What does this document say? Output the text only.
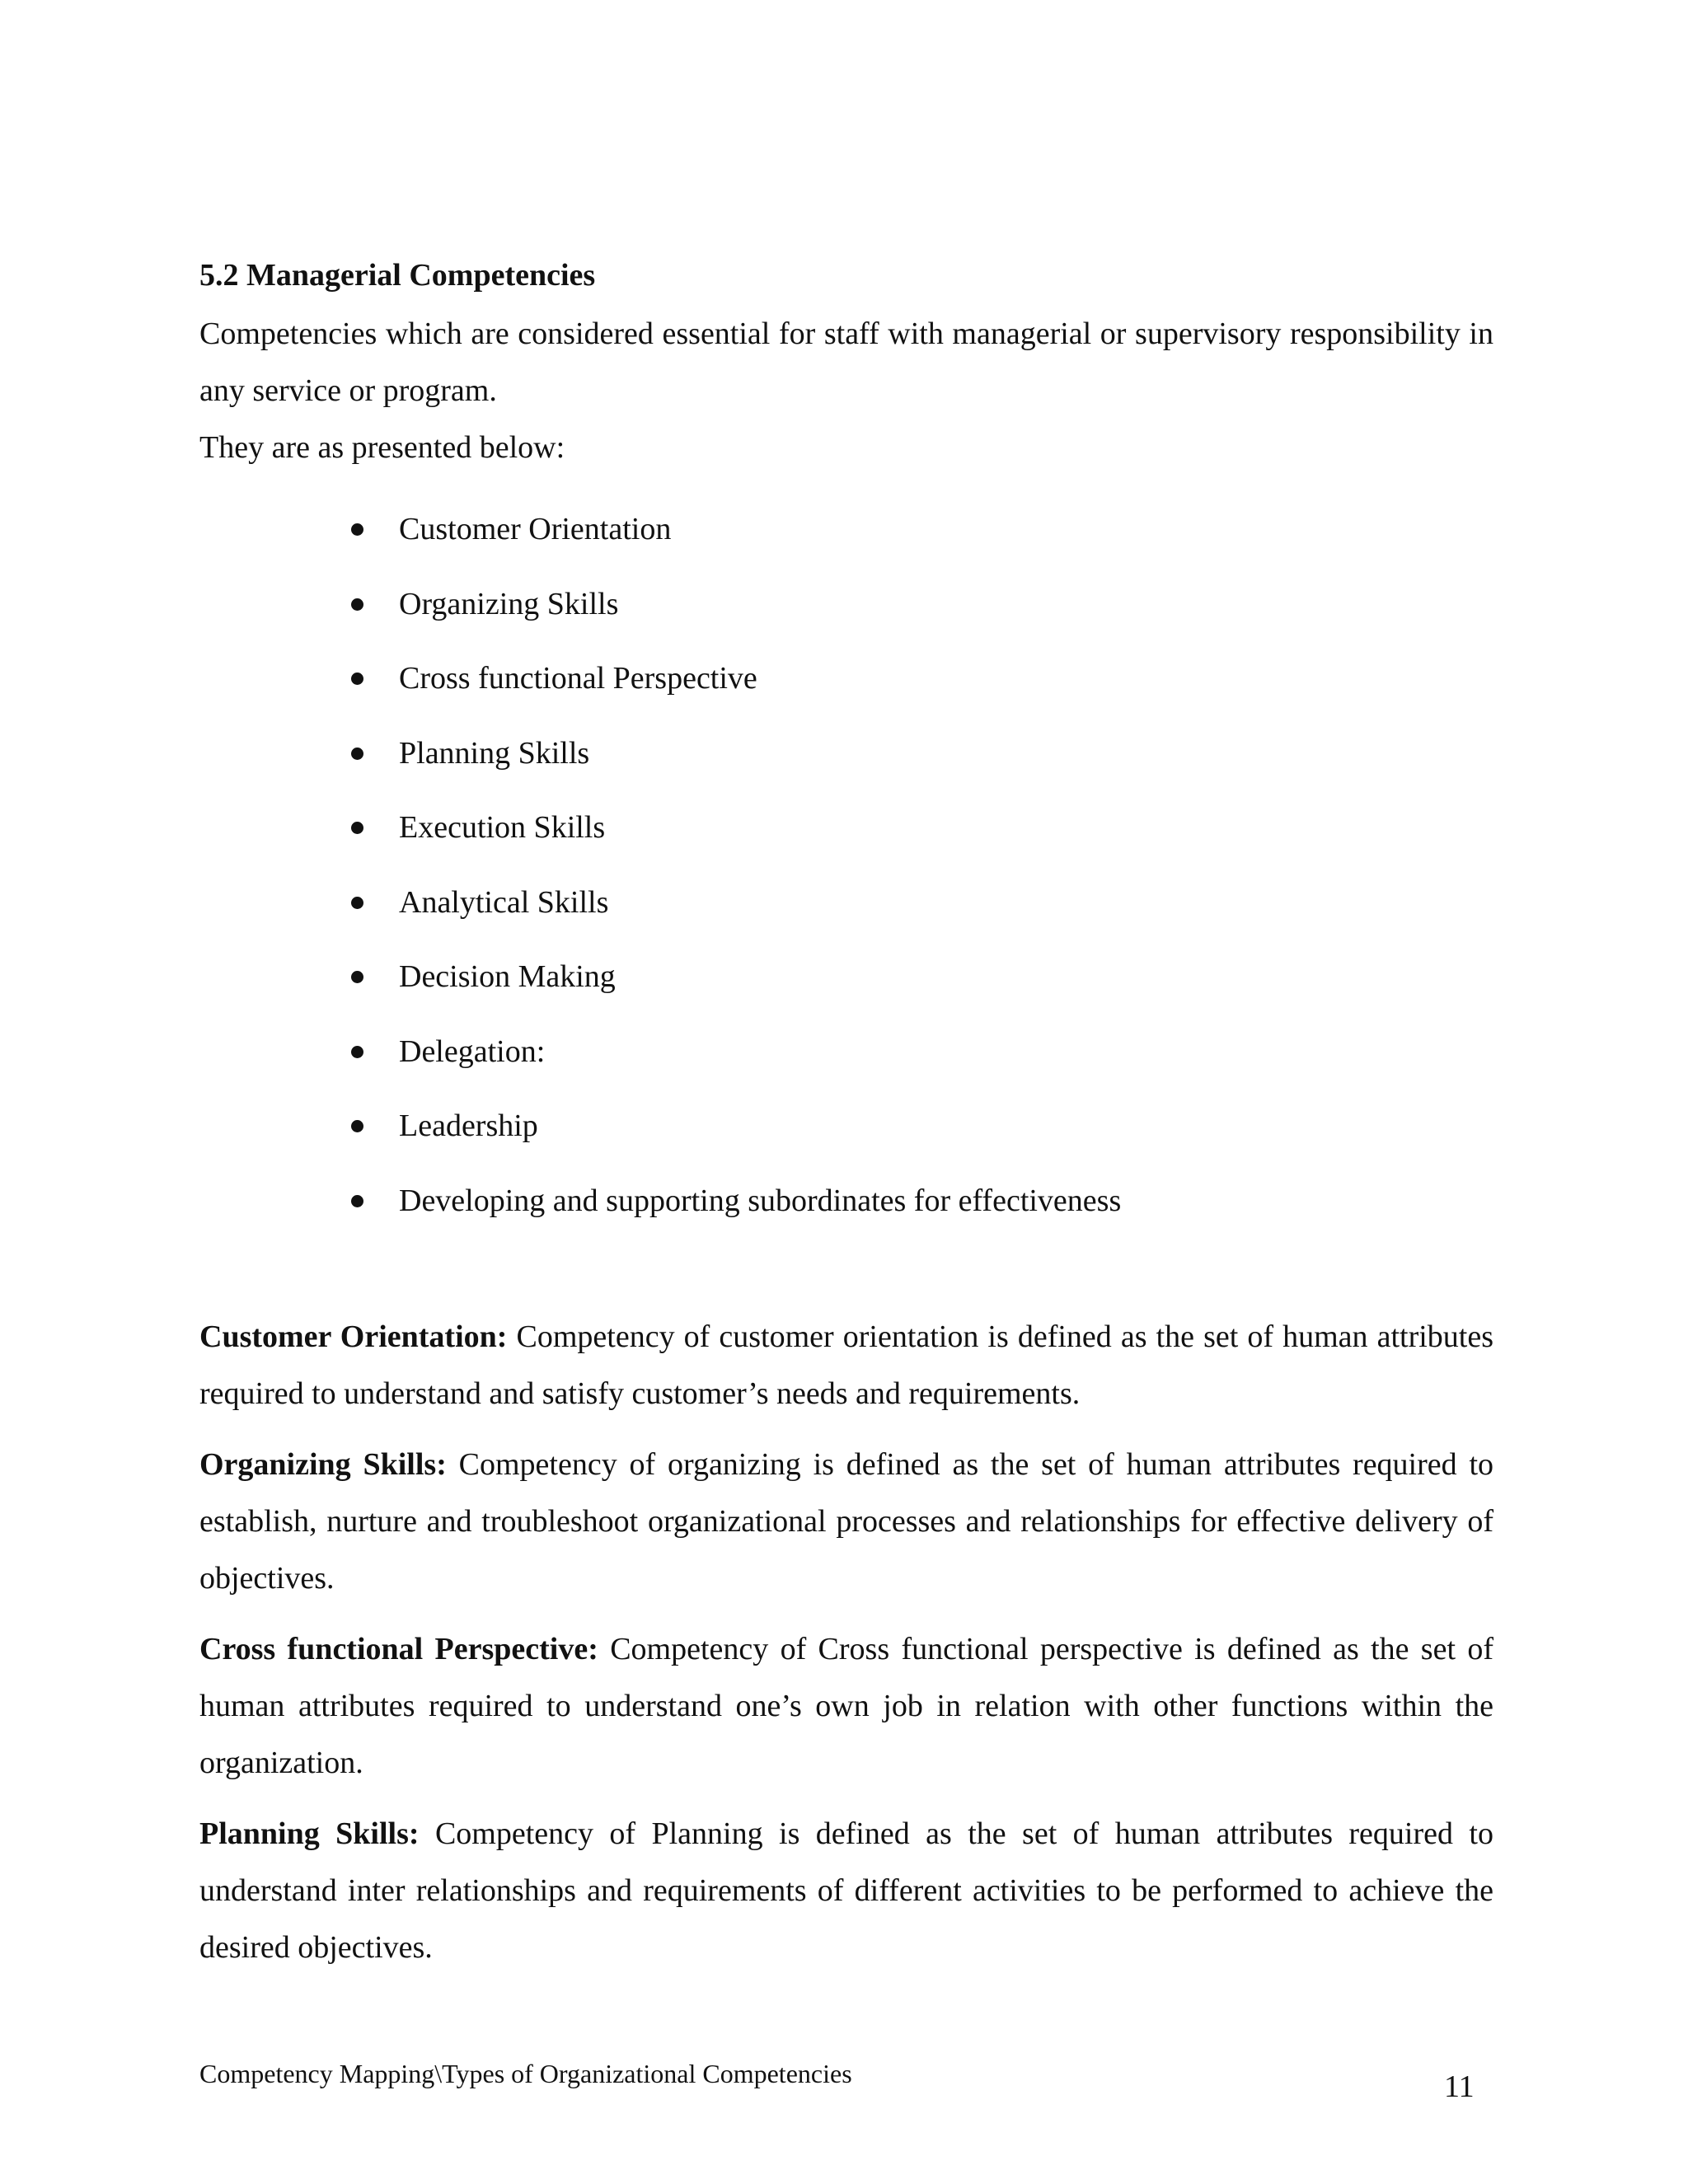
5.2 Managerial Competencies

Competencies which are considered essential for staff with managerial or supervisory responsibility in any service or program.

They are as presented below:

Customer Orientation
Organizing Skills
Cross functional Perspective
Planning Skills
Execution Skills
Analytical Skills
Decision Making
Delegation:
Leadership
Developing and supporting subordinates for effectiveness

Customer Orientation: Competency of customer orientation is defined as the set of human attributes required to understand and satisfy customer’s needs and requirements.

Organizing Skills: Competency of organizing is defined as the set of human attributes required to establish, nurture and troubleshoot organizational processes and relationships for effective delivery of objectives.

Cross functional Perspective: Competency of Cross functional perspective is defined as the set of human attributes required to understand one’s own job in relation with other functions within the organization.

Planning Skills: Competency of Planning is defined as the set of human attributes required to understand inter relationships and requirements of different activities to be performed to achieve the desired objectives.

Competency Mapping\Types of Organizational Competencies	11
